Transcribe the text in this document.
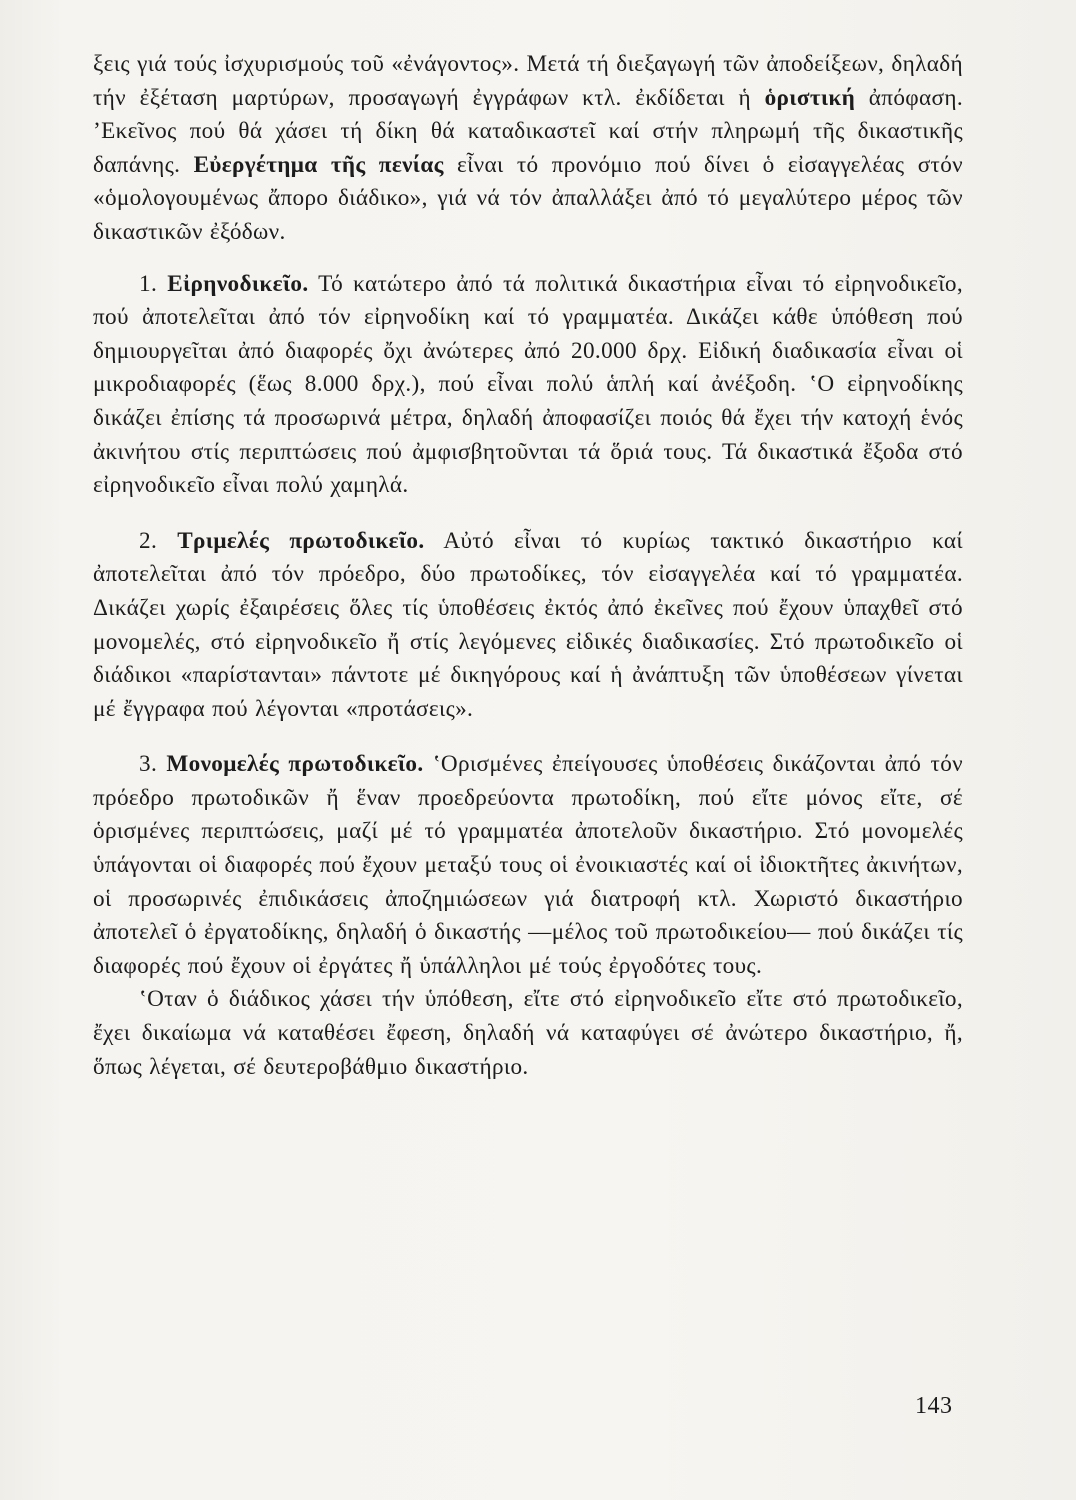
ξεις γιά τούς ἰσχυρισμούς τοῦ «ἐνάγοντος». Μετά τή διεξαγωγή τῶν ἀποδείξεων, δηλαδή τήν ἐξέταση μαρτύρων, προσαγωγή ἐγγράφων κτλ. ἐκδίδεται ἡ ὁριστική ἀπόφαση. ʼΕκεῖνος πού θά χάσει τή δίκη θά καταδικαστεῖ καί στήν πληρωμή τῆς δικαστικῆς δαπάνης. Εὐεργέτημα τῆς πενίας εἶναι τό προνόμιο πού δίνει ὁ εἰσαγγελέας στόν «ὁμολογουμένως ἄπορο διάδικο», γιά νά τόν ἀπαλλάξει ἀπό τό μεγαλύτερο μέρος τῶν δικαστικῶν ἐξόδων.

1. Εἰρηνοδικεῖο. Τό κατώτερο ἀπό τά πολιτικά δικαστήρια εἶναι τό εἰρηνοδικεῖο, πού ἀποτελεῖται ἀπό τόν εἰρηνοδίκη καί τό γραμματέα. Δικάζει κάθε ὑπόθεση πού δημιουργεῖται ἀπό διαφορές ὄχι ἀνώτερες ἀπό 20.000 δρχ. Εἰδική διαδικασία εἶναι οἱ μικροδιαφορές (ἕως 8.000 δρχ.), πού εἶναι πολύ ἁπλή καί ἀνέξοδη. ʽΟ εἰρηνοδίκης δικάζει ἐπίσης τά προσωρινά μέτρα, δηλαδή ἀποφασίζει ποιός θά ἔχει τήν κατοχή ἑνός ἀκινήτου στίς περιπτώσεις πού ἀμφισβητοῦνται τά ὅριά τους. Τά δικαστικά ἔξοδα στό εἰρηνοδικεῖο εἶναι πολύ χαμηλά.

2. Τριμελές πρωτοδικεῖο. Αὐτό εἶναι τό κυρίως τακτικό δικαστήριο καί ἀποτελεῖται ἀπό τόν πρόεδρο, δύο πρωτοδίκες, τόν εἰσαγγελέα καί τό γραμματέα. Δικάζει χωρίς ἐξαιρέσεις ὅλες τίς ὑποθέσεις ἐκτός ἀπό ἐκεῖνες πού ἔχουν ὑπαχθεῖ στό μονομελές, στό εἰρηνοδικεῖο ἤ στίς λεγόμενες εἰδικές διαδικασίες. Στό πρωτοδικεῖο οἱ διάδικοι «παρίστανται» πάντοτε μέ δικηγόρους καί ἡ ἀνάπτυξη τῶν ὑποθέσεων γίνεται μέ ἔγγραφα πού λέγονται «προτάσεις».

3. Μονομελές πρωτοδικεῖο. ʽΟρισμένες ἐπείγουσες ὑποθέσεις δικάζονται ἀπό τόν πρόεδρο πρωτοδικῶν ἤ ἕναν προεδρεύοντα πρωτοδίκη, πού εἴτε μόνος εἴτε, σέ ὁρισμένες περιπτώσεις, μαζί μέ τό γραμματέα ἀποτελοῦν δικαστήριο. Στό μονομελές ὑπάγονται οἱ διαφορές πού ἔχουν μεταξύ τους οἱ ἐνοικιαστές καί οἱ ἰδιοκτῆτες ἀκινήτων, οἱ προσωρινές ἐπιδικάσεις ἀποζημιώσεων γιά διατροφή κτλ. Χωριστό δικαστήριο ἀποτελεῖ ὁ ἐργατοδίκης, δηλαδή ὁ δικαστής —μέλος τοῦ πρωτοδικείου— πού δικάζει τίς διαφορές πού ἔχουν οἱ ἐργάτες ἤ ὑπάλληλοι μέ τούς ἐργοδότες τους.

ʽΟταν ὁ διάδικος χάσει τήν ὑπόθεση, εἴτε στό εἰρηνοδικεῖο εἴτε στό πρωτοδικεῖο, ἔχει δικαίωμα νά καταθέσει ἔφεση, δηλαδή νά καταφύγει σέ ἀνώτερο δικαστήριο, ἤ, ὅπως λέγεται, σέ δευτεροβάθμιο δικαστήριο.

143
